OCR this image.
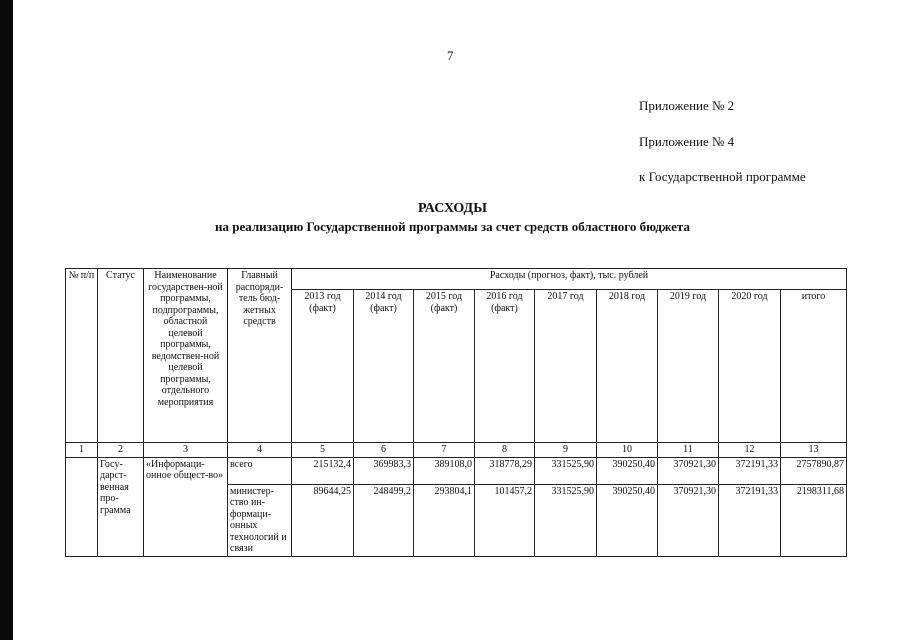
7
Приложение № 2
Приложение № 4
к Государственной программе
РАСХОДЫ
на реализацию Государственной программы за счет средств областного бюджета
№ п/п	Статус	Наименование государствен-ной программы, подпрограммы, областной целевой программы, ведомствен-ной целевой программы, отдельного мероприятия	Главный распоряди-тель бюд-жетных средств	Расходы (прогноз, факт), тыс. рублей								
				2013 год (факт)	2014 год (факт)	2015 год (факт)	2016 год (факт)	2017 год	2018 год	2019 год	2020 год	итого
1	2	3	4	5	6	7	8	9	10	11	12	13
	Госу-дарст-венная про-грамма	«Информаци-онное общест-во»	всего	215132,4	369983,3	389108,0	318778,29	331525,90	390250,40	370921,30	372191,33	2757890,87
			министер-ство ин-формаци-онных технологий и связи	89644,25	248499,2	293804,1	101457,2	331525,90	390250,40	370921,30	372191,33	2198311,68
